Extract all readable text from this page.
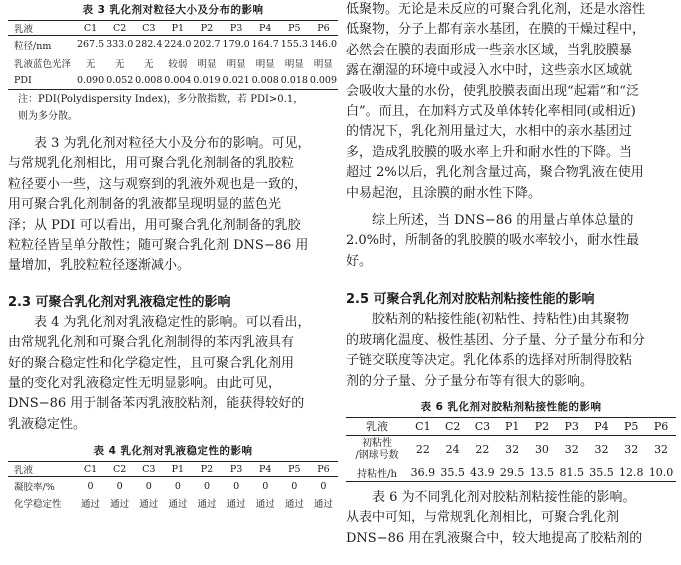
表 3 乳化剂对粒径大小及分布的影响
乳液	C1	C2	C3	P1	P2	P3	P4	P5	P6
粒径/nm	267.5	333.0	282.4	224.0	202.7	179.0	164.7	155.3	146.0
乳液蓝色光泽	无	无	无	较弱	明显	明显	明显	明显	明显
PDI	0.090	0.052	0.008	0.004	0.019	0.021	0.008	0.018	0.009
注：PDI(Polydispersity Index)，多分散指数，若 PDI>0.1，
则为多分散。
表 3 为乳化剂对粒径大小及分布的影响。可见，
与常规乳化剂相比，用可聚合乳化剂制备的乳胶粒
粒径要小一些，这与观察到的乳液外观也是一致的，
用可聚合乳化剂制备的乳液都呈现明显的蓝色光
泽；从 PDI 可以看出，用可聚合乳化剂制备的乳胶
粒粒径皆呈单分散性；随可聚合乳化剂 DNS−86 用
量增加，乳胶粒粒径逐渐减小。
2.3 可聚合乳化剂对乳液稳定性的影响
表 4 为乳化剂对乳液稳定性的影响。可以看出，
由常规乳化剂和可聚合乳化剂制得的苯丙乳液具有
好的聚合稳定性和化学稳定性，且可聚合乳化剂用
量的变化对乳液稳定性无明显影响。由此可见，
DNS−86 用于制备苯丙乳液胶粘剂，能获得较好的
乳液稳定性。
表 4 乳化剂对乳液稳定性的影响
乳液	C1	C2	C3	P1	P2	P3	P4	P5	P6
凝胶率/%	0	0	0	0	0	0	0	0	0
化学稳定性	通过	通过	通过	通过	通过	通过	通过	通过	通过
低聚物。无论是未反应的可聚合乳化剂，还是水溶性
低聚物，分子上都有亲水基团，在膜的干燥过程中，
必然会在膜的表面形成一些亲水区域，当乳胶膜暴
露在潮湿的环境中或浸入水中时，这些亲水区域就
会吸收大量的水份，使乳胶膜表面出现“起霜”和“泛
白”。而且，在加料方式及单体转化率相同(或相近)
的情况下，乳化剂用量过大，水相中的亲水基团过
多，造成乳胶膜的吸水率上升和耐水性的下降。当
超过 2%以后，乳化剂含量过高，聚合物乳液在使用
中易起泡，且涂膜的耐水性下降。
综上所述，当 DNS−86 的用量占单体总量的
2.0%时，所制备的乳胶膜的吸水率较小，耐水性最
好。
2.5 可聚合乳化剂对胶粘剂粘接性能的影响
胶粘剂的粘接性能(初粘性、持粘性)由其聚物
的玻璃化温度、极性基团、分子量、分子量分布和分
子链交联度等决定。乳化体系的选择对所制得胶粘
剂的分子量、分子量分布等有很大的影响。
表 6 乳化剂对胶粘剂粘接性能的影响
乳液	C1	C2	C3	P1	P2	P3	P4	P5	P6

初粘性
/钢球号数	22	24	22	32	30	32	32	32	32
持粘性/h	36.9	35.5	43.9	29.5	13.5	81.5	35.5	12.8	10.0
表 6 为不同乳化剂对胶粘剂粘接性能的影响。
从表中可知，与常规乳化剂相比，可聚合乳化剂
DNS−86 用在乳液聚合中，较大地提高了胶粘剂的
